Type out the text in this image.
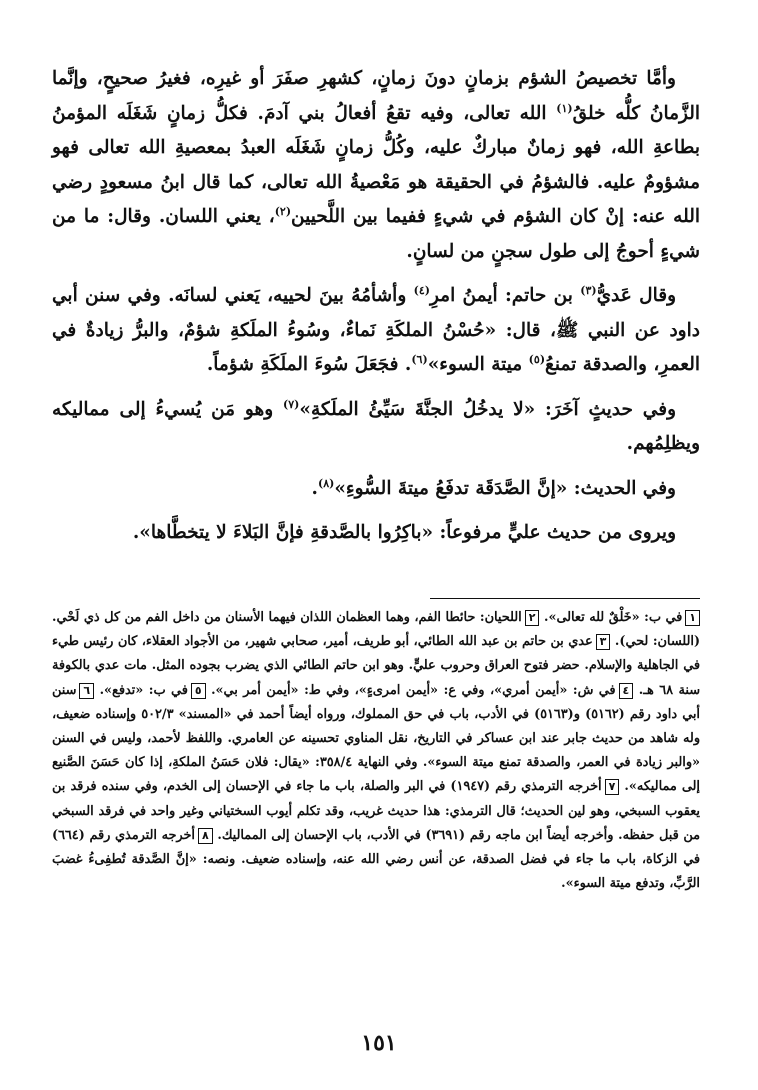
وأمَّا تخصيصُ الشؤم بزمانٍ دونَ زمانٍ، كشهرِ صفَرَ أو غيرِه، فغيرُ صحيحٍ، وإنَّما الزَّمانُ كلُّه خلقُ$^{(١)}$ الله تعالى، وفيه تقعُ أفعالُ بني آدمَ. فكلُّ زمانٍ شَغَلَه المؤمنُ بطاعةِ الله، فهو زمانٌ مباركٌ عليه، وكُلُّ زمانٍ شَغَلَه العبدُ بمعصيةِ الله تعالى فهو مشؤومٌ عليه. فالشؤمُ في الحقيقة هو مَعْصيةُ الله تعالى، كما قال ابنُ مسعودٍ رضي الله عنه: إنْ كان الشؤم في شيءٍ ففيما بين اللَّحيين$^{(٢)}$، يعني اللسان. وقال: ما من شيءٍ أحوجُ إلى طول سجنٍ من لسانٍ.

وقال عَديُّ$^{(٣)}$ بن حاتم: أيمنُ امرِ$^{(٤)}$ وأشأمُهُ بينَ لحييه، يَعني لسانَه. وفي سنن أبي داود عن النبي ﷺ، قال: «حُسْنُ الملكَةِ نَماءٌ، وسُوءُ الملَكةِ شؤمٌ، والبرُّ زيادةٌ في العمرِ، والصدقة تمنعُ$^{(٥)}$ ميتة السوء»$^{(٦)}$. فجَعَلَ سُوءَ الملَكَةِ شؤماً.

وفي حديثٍ آخَرَ: «لا يدخُلُ الجنَّةَ سَيِّئُ الملَكةِ»$^{(٧)}$ وهو مَن يُسيءُ إلى مماليكه ويظلِمُهم.

وفي الحديث: «إنَّ الصَّدَقَة تدفَعُ ميتةَ السُّوءِ»$^{(٨)}$.

ويروى من حديث عليٍّ مرفوعاً: «باكِرُوا بالصَّدقةِ فإنَّ البَلاءَ لا يتخطَّاها».

١في ب: «خَلْقٌ لله تعالى». ٢اللحيان: حائطا الفم، وهما العظمان اللذان فيهما الأسنان من داخل الفم من كل ذي لَحْي. (اللسان: لحي). ٣عدي بن حاتم بن عبد الله الطائي، أبو طريف، أمير، صحابي شهير، من الأجواد العقلاء، كان رئيس طيء في الجاهلية والإسلام. حضر فتوح العراق وحروب عليٍّ. وهو ابن حاتم الطائي الذي يضرب بجوده المثل. مات عدي بالكوفة سنة ٦٨ هـ. ٤في ش: «أيمن أمري»، وفي ع: «أيمن امرىءٍ»، وفي ط: «أيمن أمر بي». ٥في ب: «تدفع». ٦سنن أبي داود رقم (٥١٦٢) و(٥١٦٣) في الأدب، باب في حق المملوك، ورواه أيضاً أحمد في «المسند» ٥٠٢/٣ وإسناده ضعيف، وله شاهد من حديث جابر عند ابن عساكر في التاريخ، نقل المناوي تحسينه عن العامري. واللفظ لأحمد، وليس في السنن «والبر زيادة في العمر، والصدقة تمنع ميتة السوء». وفي النهاية ٣٥٨/٤: «يقال: فلان حَسَنُ الملكةِ، إذا كان حَسَنَ الصَّنيع إلى مماليكه». ٧أخرجه الترمذي رقم (١٩٤٧) في البر والصلة، باب ما جاء في الإحسان إلى الخدم، وفي سنده فرقد بن يعقوب السبخي، وهو لين الحديث؛ قال الترمذي: هذا حديث غريب، وقد تكلم أيوب السختياني وغير واحد في فرقد السبخي من قبل حفظه. وأخرجه أيضاً ابن ماجه رقم (٣٦٩١) في الأدب، باب الإحسان إلى المماليك. ٨أخرجه الترمذي رقم (٦٦٤) في الزكاة، باب ما جاء في فضل الصدقة، عن أنس رضي الله عنه، وإسناده ضعيف. ونصه: «إنَّ الصَّدقة تُطفِىءُ غضبَ الرَّبِّ، وتدفع ميتة السوء».
١٥١
